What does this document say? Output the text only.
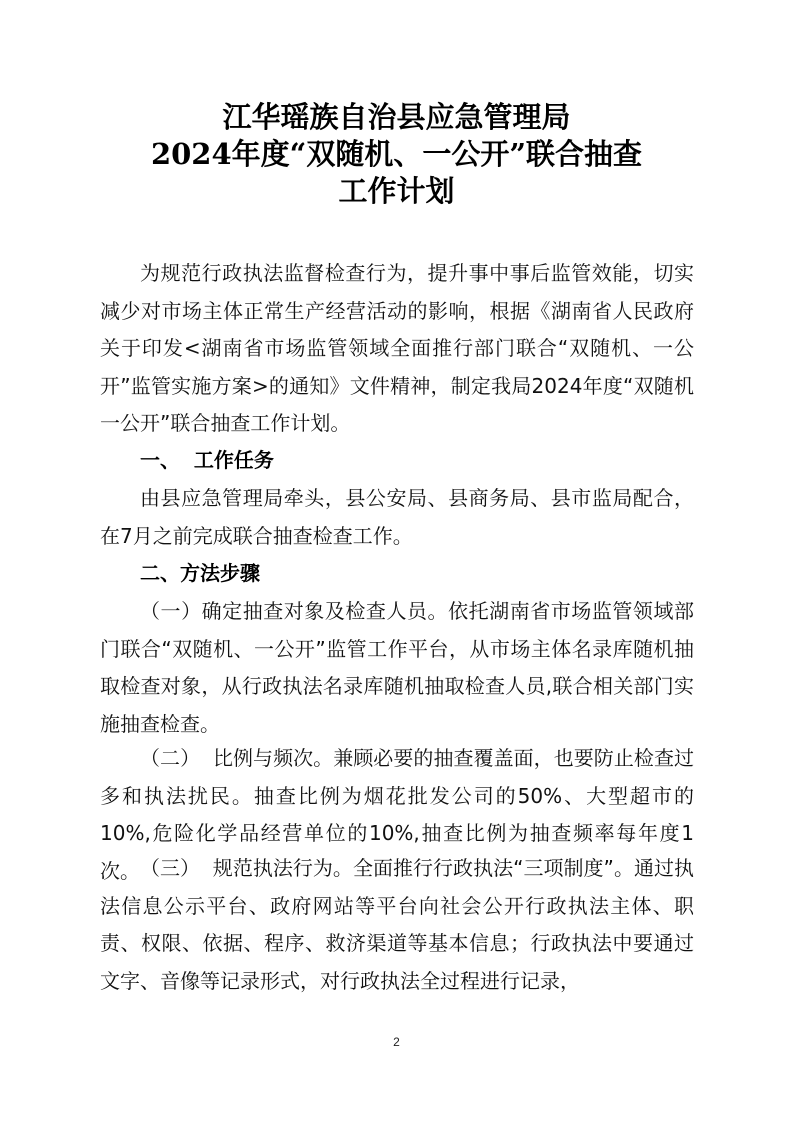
江华瑶族自治县应急管理局
2024年度“双随机、一公开”联合抽查
工作计划
为规范行政执法监督检查行为，提升事中事后监管效能，切实减少对市场主体正常生产经营活动的影响，根据《湖南省人民政府关于印发<湖南省市场监管领域全面推行部门联合“双随机、一公开”监管实施方案>的通知》文件精神，制定我局2024年度“双随机一公开”联合抽查工作计划。
一、  工作任务
由县应急管理局牵头，县公安局、县商务局、县市监局配合，在7月之前完成联合抽查检查工作。
二、方法步骤
（一）确定抽查对象及检查人员。依托湖南省市场监管领域部门联合“双随机、一公开”监管工作平台，从市场主体名录库随机抽取检查对象，从行政执法名录库随机抽取检查人员,联合相关部门实施抽查检查。
（二）  比例与频次。兼顾必要的抽查覆盖面，也要防止检查过多和执法扰民。抽查比例为烟花批发公司的50%、大型超市的10%,危险化学品经营单位的10%,抽查比例为抽查频率每年度1次。 （三）  规范执法行为。全面推行行政执法“三项制度”。通过执法信息公示平台、政府网站等平台向社会公开行政执法主体、职责、权限、依据、程序、救济渠道等基本信息；行政执法中要通过文字、音像等记录形式，对行政执法全过程进行记录，
2
